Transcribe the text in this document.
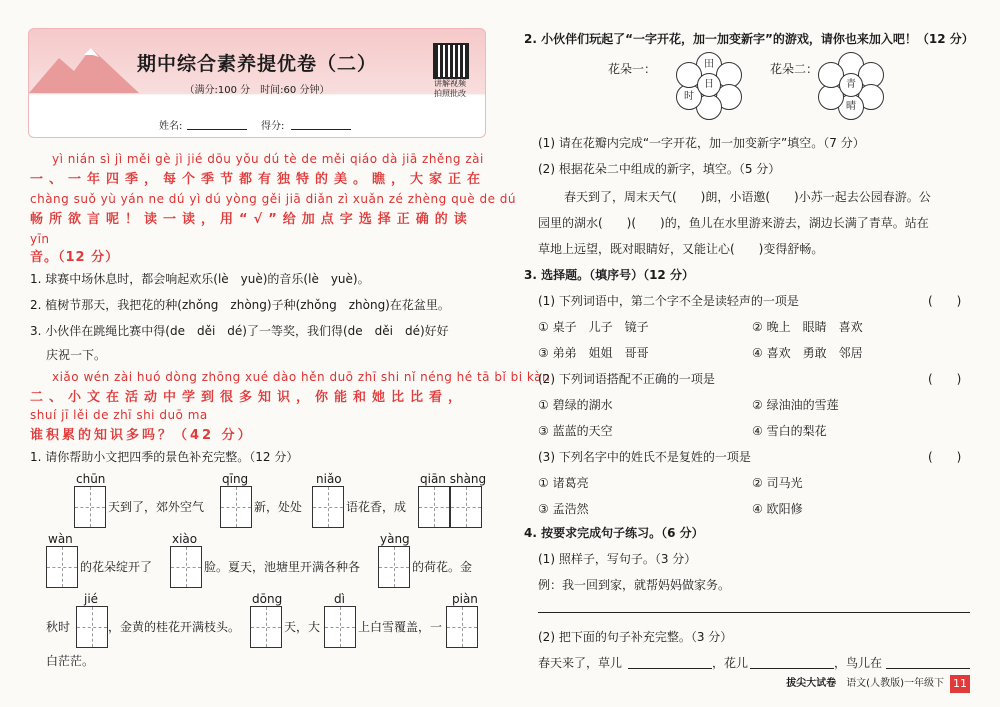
期中综合素养提优卷（二）
（满分:100 分　时间:60 分钟）
讲解视频
拍照批改
姓名:	得分:
yì nián sì jì měi gè jì jié dōu yǒu dú tè de měi qiáo dà jiā zhěng zài
一、一年四季，每个季节都有独特的美。瞧，大家正在
chàng suǒ yù yán ne dú yì dú yòng gěi jiā diǎn zì xuǎn zé zhèng què de dú
畅所欲言呢！读一读，用“√”给加点字选择正确的读
yīn
音。（12 分）
1. 球赛中场休息时，都会响起欢乐(lè　yuè)的音乐(lè　yuè)。
2. 植树节那天，我把花的种(zhǒng　zhòng)子种(zhǒng　zhòng)在花盆里。
3. 小伙伴在跳绳比赛中得(de　děi　dé)了一等奖，我们得(de　děi　dé)好好
庆祝一下。
xiǎo wén zài huó dòng zhōng xué dào hěn duō zhī shi nǐ néng hé tā bǐ bi kàn
二、小文在活动中学到很多知识，你能和她比比看，
shuí jī lěi de zhī shi duō ma
谁积累的知识多吗？（42 分）
1. 请你帮助小文把四季的景色补充完整。（12 分）
chūn
天到了，郊外空气
qīng
新，处处
niǎo
语花香，成
qiān shàng
wàn
的花朵绽开了
xiào
脸。夏天，池塘里开满各种各
yàng
的荷花。金
秋时
jié
，金黄的桂花开满枝头。
dōng
天，大
dì
上白雪覆盖，一
piàn
白茫茫。
2. 小伙伴们玩起了“一字开花，加一加变新字”的游戏，请你也来加入吧！（12 分）
花朵一：	田
时
日
花朵二：
晴
青
(1) 请在花瓣内完成“一字开花，加一加变新字”填空。（7 分）
(2) 根据花朵二中组成的新字，填空。（5 分）
春天到了，周末天气(　　)朗，小语邀(　　)小苏一起去公园春游。公
园里的湖水(　　)(　　)的，鱼儿在水里游来游去，湖边长满了青草。站在
草地上远望，既对眼睛好，又能让心(　　)变得舒畅。
3. 选择题。（填序号）（12 分）
(1) 下列词语中，第二个字不全是读轻声的一项是	(　　)
① 桌子　儿子　镜子	② 晚上　眼睛　喜欢
③ 弟弟　姐姐　哥哥	④ 喜欢　勇敢　邻居
(2) 下列词语搭配不正确的一项是	(　　)
① 碧绿的湖水	② 绿油油的雪莲
③ 蓝蓝的天空	④ 雪白的梨花
(3) 下列名字中的姓氏不是复姓的一项是	(　　)
① 诸葛亮	② 司马光
③ 孟浩然	④ 欧阳修
4. 按要求完成句子练习。（6 分）
(1) 照样子，写句子。（3 分）
例：我一回到家，就帮妈妈做家务。
(2) 把下面的句子补充完整。（3 分）
春天来了，草儿	，花儿	，鸟儿在
拔尖大试卷　 语文(人教版)一年级下 11
